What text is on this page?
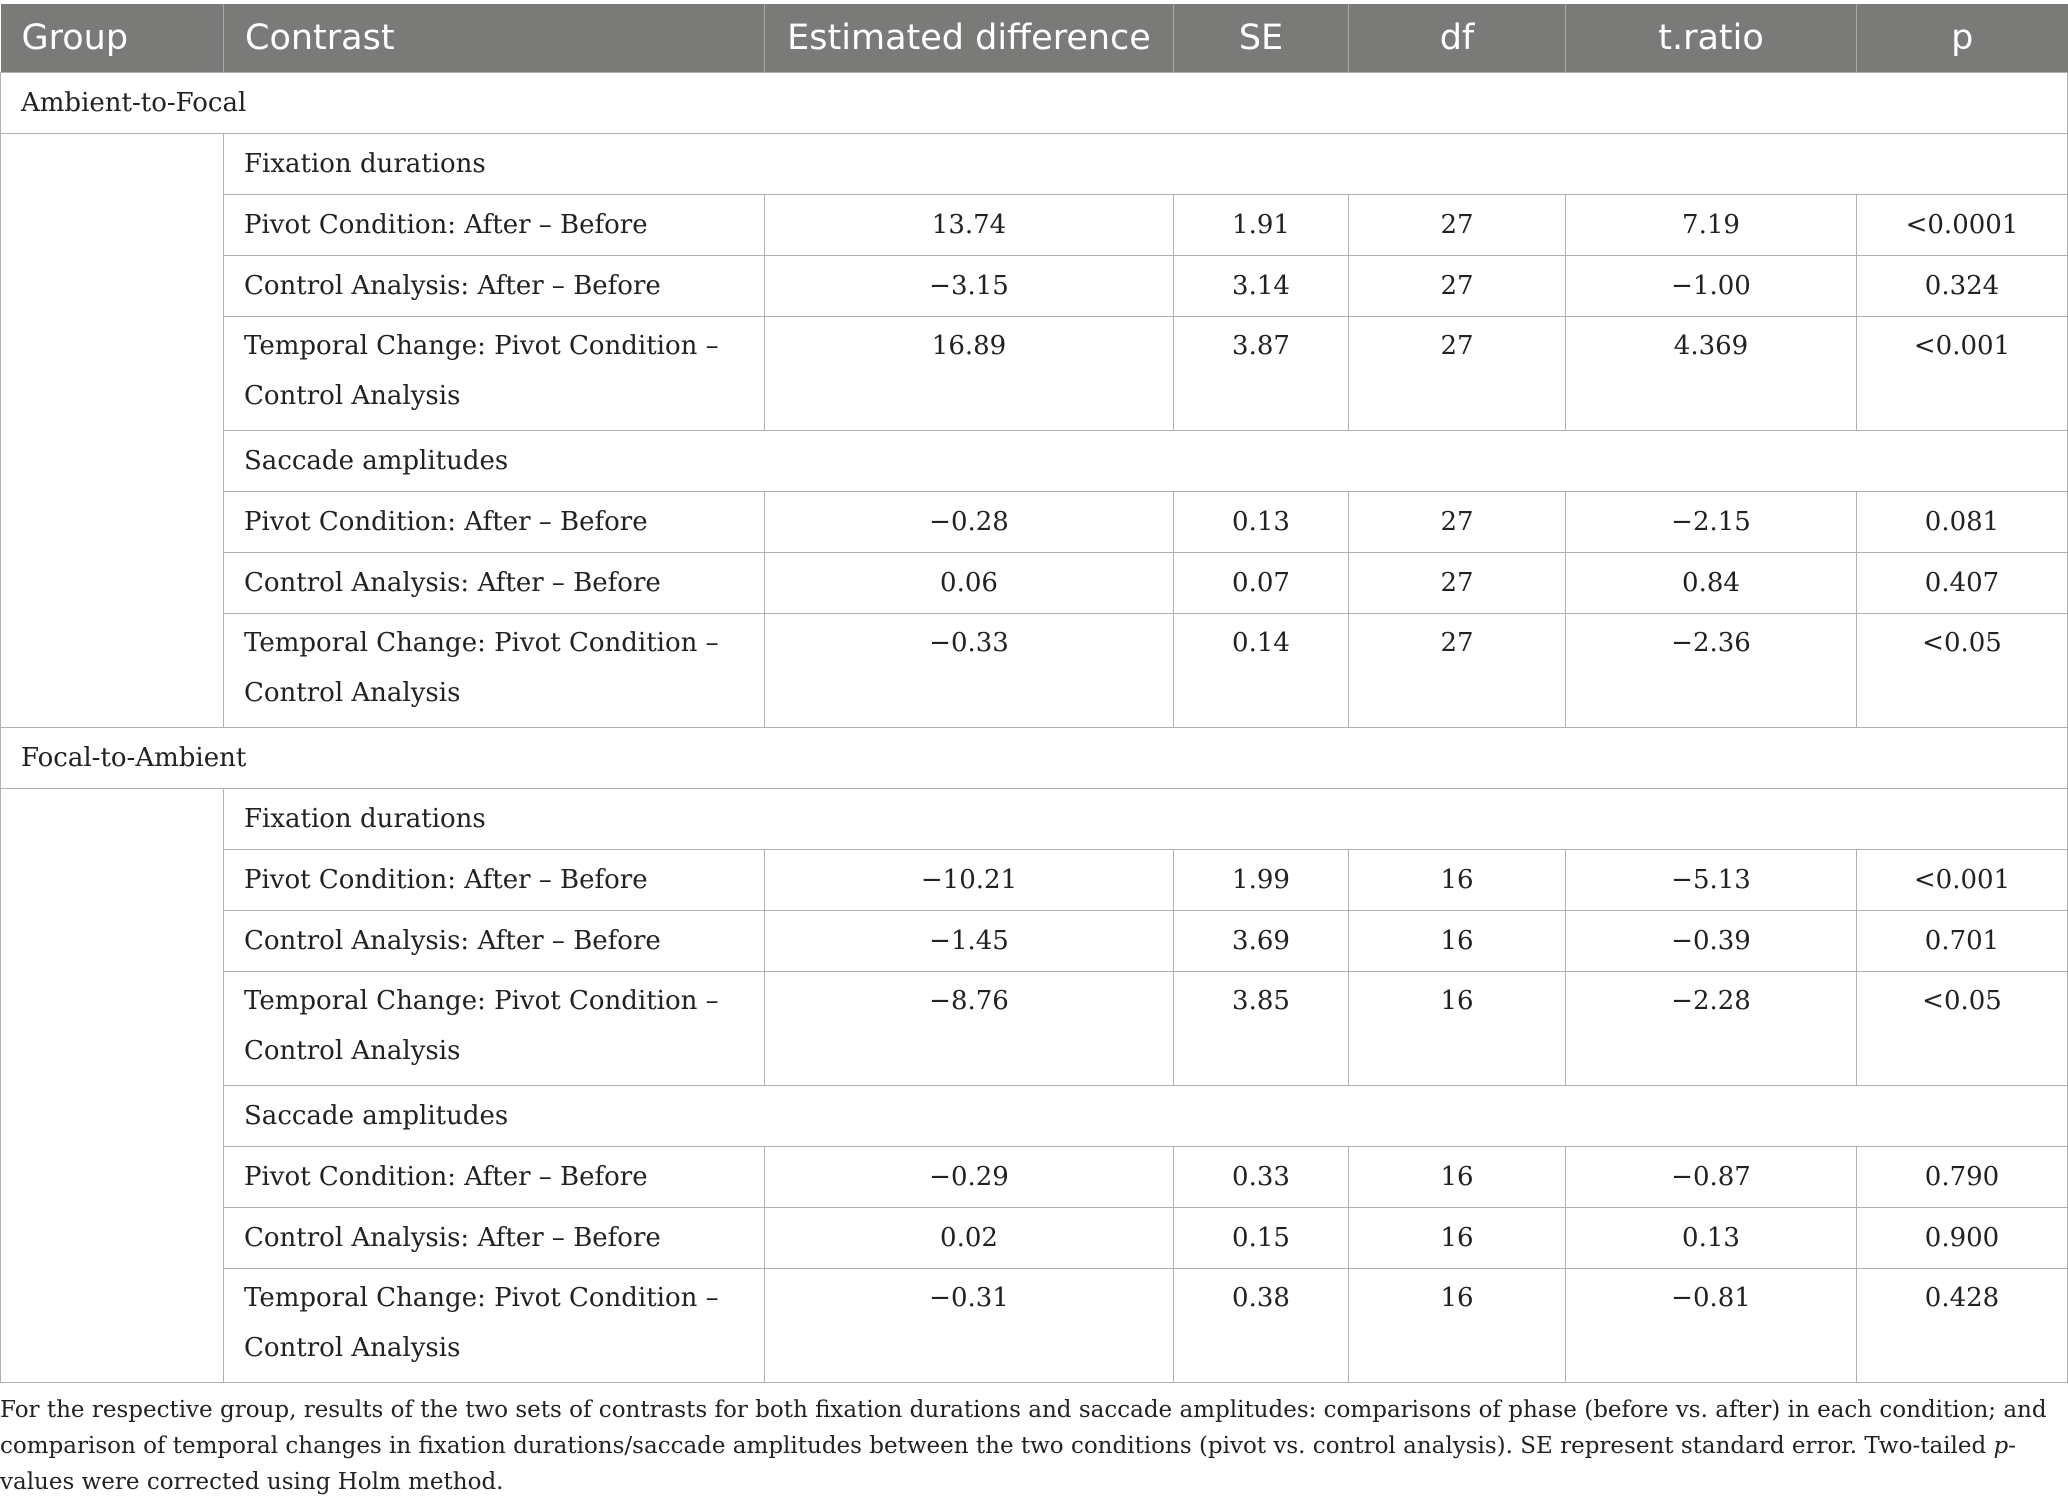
Group	Contrast	Estimated difference	SE	df	t.ratio	p
Ambient-to-Focal						
	Fixation durations					
	Pivot Condition: After – Before	13.74	1.91	27	7.19	<0.0001
	Control Analysis: After – Before	−3.15	3.14	27	−1.00	0.324

	Temporal Change: Pivot Condition –
Control Analysis	16.89	3.87	27	4.369	<0.001
	Saccade amplitudes					
	Pivot Condition: After – Before	−0.28	0.13	27	−2.15	0.081
	Control Analysis: After – Before	0.06	0.07	27	0.84	0.407

	Temporal Change: Pivot Condition –
Control Analysis	−0.33	0.14	27	−2.36	<0.05
Focal-to-Ambient						
	Fixation durations					
	Pivot Condition: After – Before	−10.21	1.99	16	−5.13	<0.001
	Control Analysis: After – Before	−1.45	3.69	16	−0.39	0.701

	Temporal Change: Pivot Condition –
Control Analysis	−8.76	3.85	16	−2.28	<0.05
	Saccade amplitudes					
	Pivot Condition: After – Before	−0.29	0.33	16	−0.87	0.790
	Control Analysis: After – Before	0.02	0.15	16	0.13	0.900

	Temporal Change: Pivot Condition –
Control Analysis	−0.31	0.38	16	−0.81	0.428
For the respective group, results of the two sets of contrasts for both fixation durations and saccade amplitudes: comparisons of phase (before vs. after) in each condition; and comparison of temporal changes in fixation durations/saccade amplitudes between the two conditions (pivot vs. control analysis). SE represent standard error. Two-tailed p-values were corrected using Holm method.
